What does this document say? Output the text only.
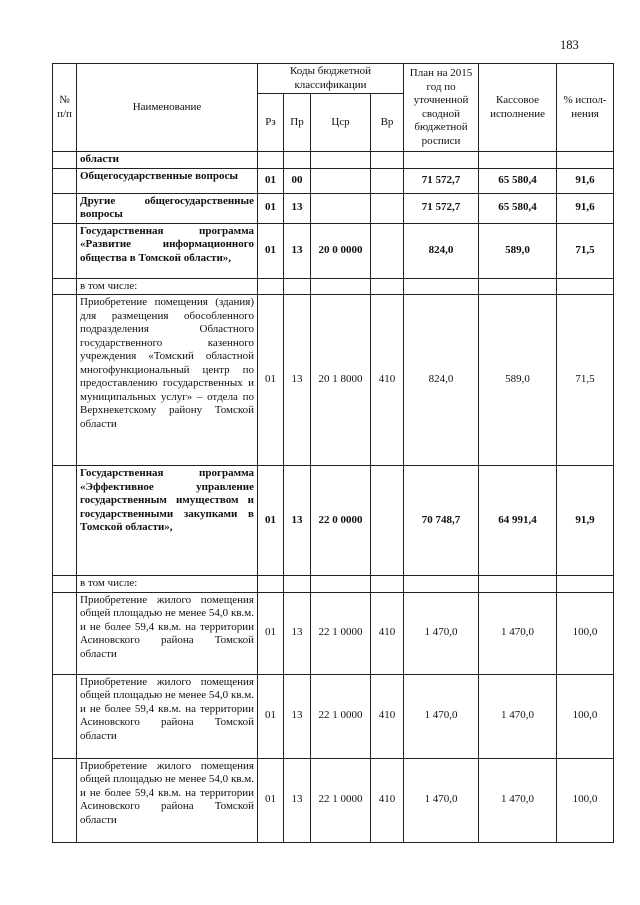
183
№
п/п	Наименование	Коды бюджетной классификации				План на 2015 год по уточненной сводной бюджетной росписи	Кассовое исполнение	% испол-нения
		Рз	Пр	Цср	Вр			
	области							
	Общегосударственные вопросы	01	00			71 572,7	65 580,4	91,6
	Другие общегосударственные вопросы	01	13			71 572,7	65 580,4	91,6
	Государственная программа «Развитие информационного общества в Томской области»,	01	13	20 0 0000		824,0	589,0	71,5
	в том числе:							
	Приобретение помещения (здания) для размещения обособленного подразделения Областного государственного казенного учреждения «Томский областной многофункциональный центр по предоставлению государственных и муниципальных услуг» – отдела по Верхнекетскому району Томской области	01	13	20 1 8000	410	824,0	589,0	71,5
	Государственная программа «Эффективное управление государственным имуществом и государственными закупками в Томской области»,	01	13	22 0 0000		70 748,7	64 991,4	91,9
	в том числе:							
	Приобретение жилого помещения общей площадью не менее 54,0 кв.м. и не более 59,4 кв.м. на территории Асиновского района Томской области	01	13	22 1 0000	410	1 470,0	1 470,0	100,0
	Приобретение жилого помещения общей площадью не менее 54,0 кв.м. и не более 59,4 кв.м. на территории Асиновского района Томской области	01	13	22 1 0000	410	1 470,0	1 470,0	100,0
	Приобретение жилого помещения общей площадью не менее 54,0 кв.м. и не более 59,4 кв.м. на территории Асиновского района Томской области	01	13	22 1 0000	410	1 470,0	1 470,0	100,0
